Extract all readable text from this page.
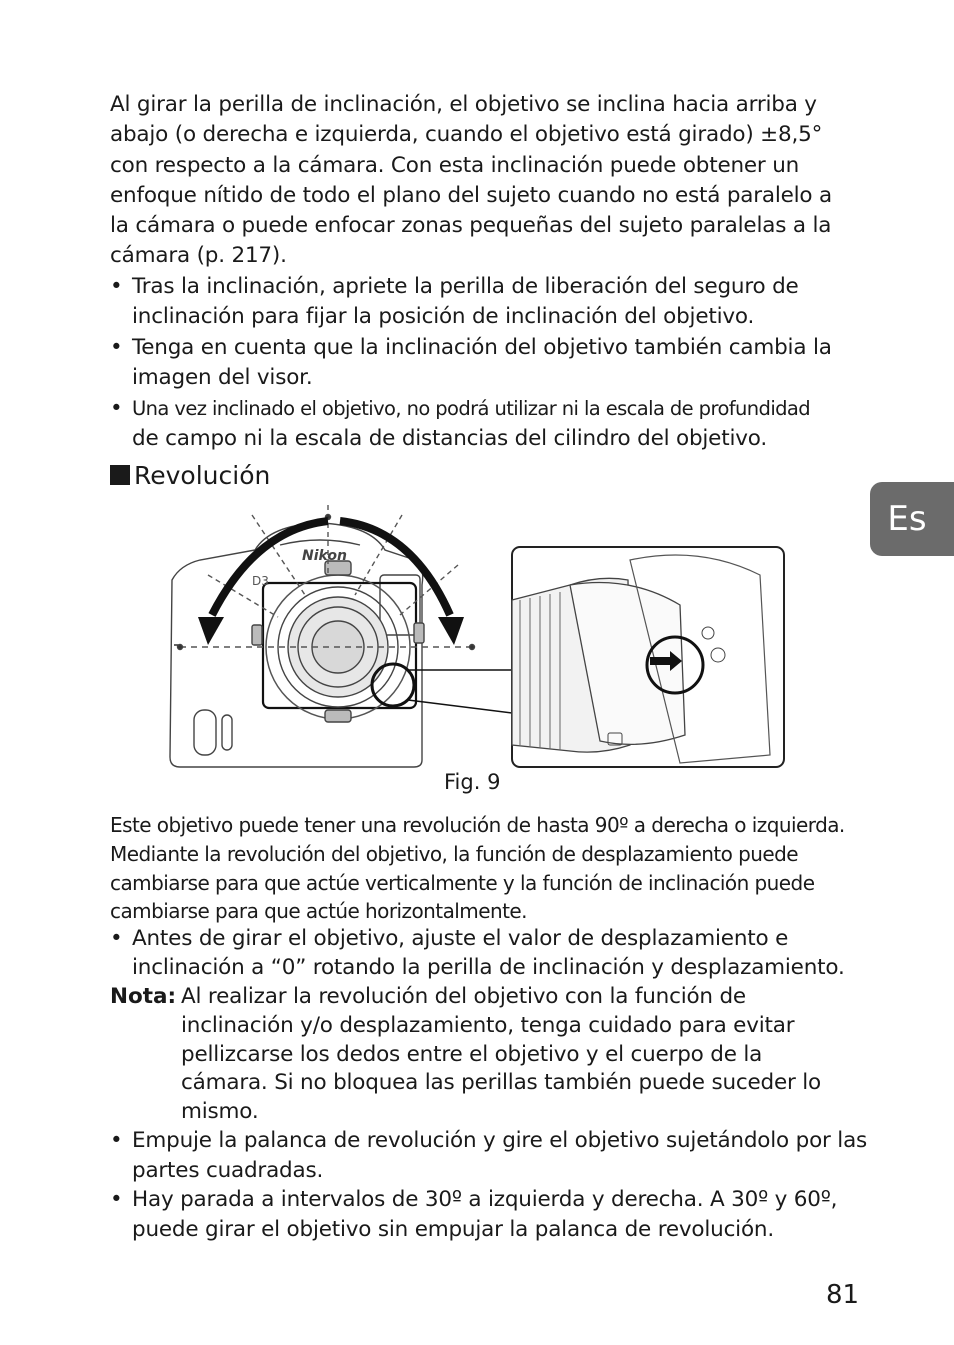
Al girar la perilla de inclinación, el objetivo se inclina hacia arriba y abajo (o derecha e izquierda, cuando el objetivo está girado) ±8,5° con respecto a la cámara. Con esta inclinación puede obtener un enfoque nítido de todo el plano del sujeto cuando no está paralelo a la cámara o puede enfocar zonas pequeñas del sujeto paralelas a la cámara (p. 217).

• Tras la inclinación, apriete la perilla de liberación del seguro de inclinación para fijar la posición de inclinación del objetivo.
• Tenga en cuenta que la inclinación del objetivo también cambia la imagen del visor.
• Una vez inclinado el objetivo, no podrá utilizar ni la escala de profundidad
de campo ni la escala de distancias del cilindro del objetivo.
Revolución
Es
Nikon
D3

Fig. 9

Este objetivo puede tener una revolución de hasta 90º a derecha o izquierda. Mediante la revolución del objetivo, la función de desplazamiento puede cambiarse para que actúe verticalmente y la función de inclinación puede cambiarse para que actúe horizontalmente.

• Antes de girar el objetivo, ajuste el valor de desplazamiento e inclinación a “0” rotando la perilla de inclinación y desplazamiento.
Nota: Al realizar la revolución del objetivo con la función de inclinación y/o desplazamiento, tenga cuidado para evitar pellizcarse los dedos entre el objetivo y el cuerpo de la cámara. Si no bloquea las perillas también puede suceder lo mismo.

• Empuje la palanca de revolución y gire el objetivo sujetándolo por las partes cuadradas.
• Hay parada a intervalos de 30º a izquierda y derecha. A 30º y 60º, puede girar el objetivo sin empujar la palanca de revolución.
81
